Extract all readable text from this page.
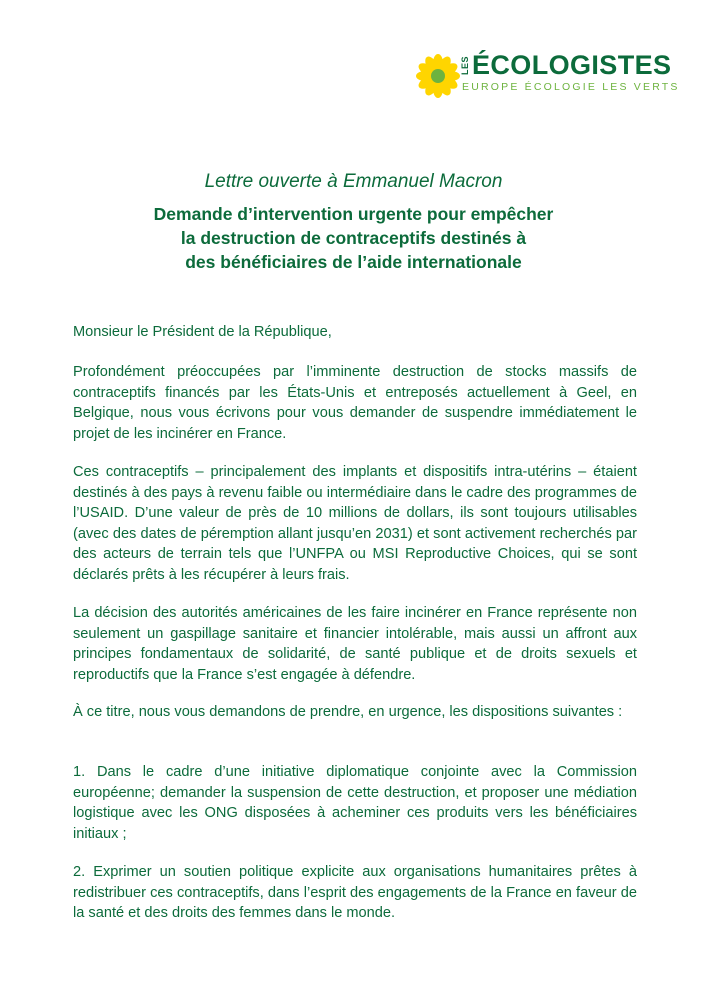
LES ÉCOLOGISTES
EUROPE ÉCOLOGIE LES VERTS
Lettre ouverte à Emmanuel Macron
Demande d’intervention urgente pour empêcher
la destruction de contraceptifs destinés à
des bénéficiaires de l’aide internationale
Monsieur le Président de la République,
Profondément préoccupées par l’imminente destruction de stocks massifs de contraceptifs financés par les États-Unis et entreposés actuellement à Geel, en Belgique, nous vous écrivons pour vous demander de suspendre immédiatement le projet de les incinérer en France.
Ces contraceptifs – principalement des implants et dispositifs intra-utérins – étaient destinés à des pays à revenu faible ou intermédiaire dans le cadre des programmes de l’USAID. D’une valeur de près de 10 millions de dollars, ils sont toujours utilisables (avec des dates de péremption allant jusqu’en 2031) et sont activement recherchés par des acteurs de terrain tels que l’UNFPA ou MSI Reproductive Choices, qui se sont déclarés prêts à les récupérer à leurs frais.
La décision des autorités américaines de les faire incinérer en France représente non seulement un gaspillage sanitaire et financier intolérable, mais aussi un affront aux principes fondamentaux de solidarité, de santé publique et de droits sexuels et reproductifs que la France s’est engagée à défendre.
À ce titre, nous vous demandons de prendre, en urgence, les dispositions suivantes :
1. Dans le cadre d’une initiative diplomatique conjointe avec la Commission européenne; demander la suspension de cette destruction, et proposer une médiation logistique avec les ONG disposées à acheminer ces produits vers les bénéficiaires initiaux ;
2. Exprimer un soutien politique explicite aux organisations humanitaires prêtes à redistribuer ces contraceptifs, dans l’esprit des engagements de la France en faveur de la santé et des droits des femmes dans le monde.
